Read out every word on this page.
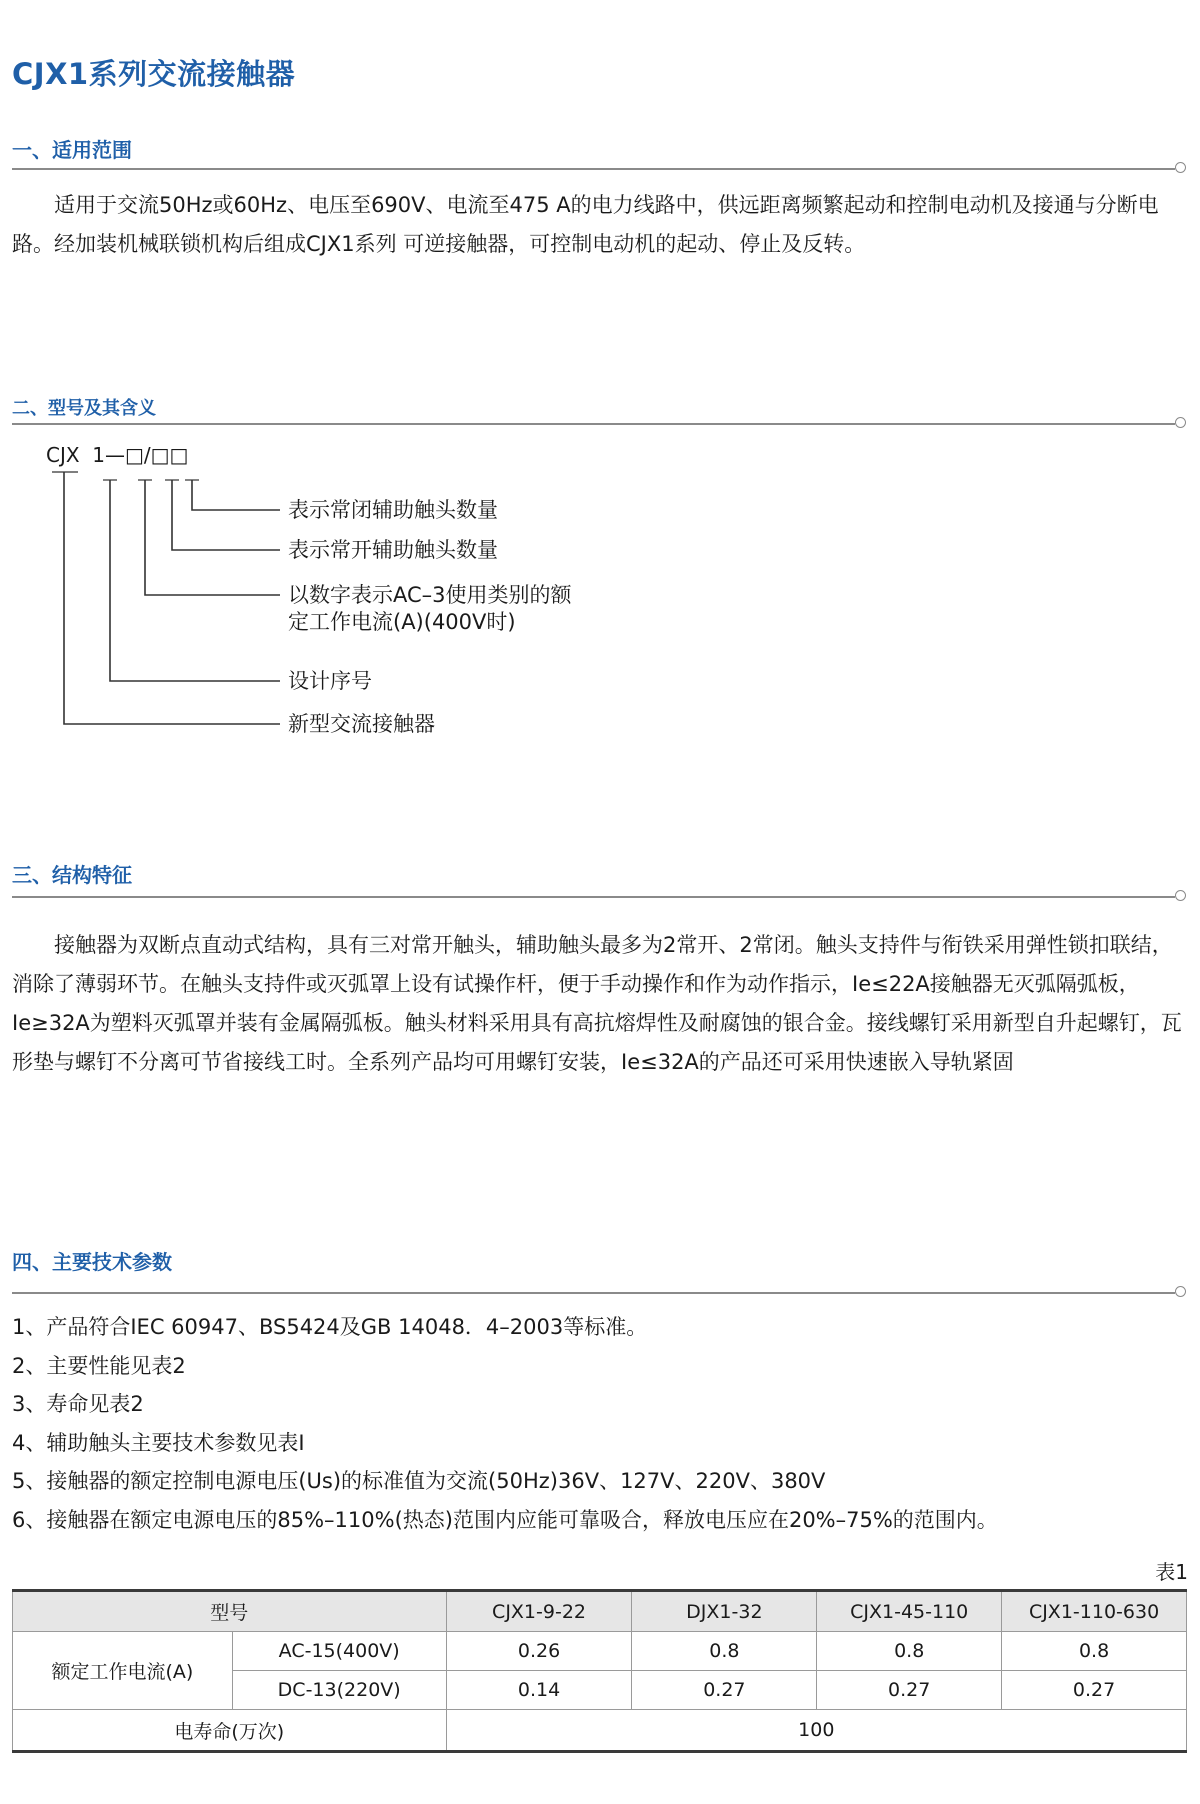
CJX1系列交流接触器
一、适用范围

适用于交流50Hz或60Hz、电压至690V、电流至475 A的电力线路中，供远距离频繁起动和控制电动机及接通与分断电路。经加装机械联锁机构后组成CJX1系列 可逆接触器，可控制电动机的起动、停止及反转。

二、型号及其含义
CJX 1—□/□□
表示常闭辅助触头数量
表示常开辅助触头数量
以数字表示AC–3使用类别的额
定工作电流(A)(400V时)
设计序号
新型交流接触器
三、结构特征

接触器为双断点直动式结构，具有三对常开触头，辅助触头最多为2常开、2常闭。触头支持件与衔铁采用弹性锁扣联结，消除了薄弱环节。在触头支持件或灭弧罩上设有试操作杆，便于手动操作和作为动作指示，Ie≤22A接触器无灭弧隔弧板，Ie≥32A为塑料灭弧罩并装有金属隔弧板。触头材料采用具有高抗熔焊性及耐腐蚀的银合金。接线螺钉采用新型自升起螺钉，瓦形垫与螺钉不分离可节省接线工时。全系列产品均可用螺钉安装，Ie≤32A的产品还可采用快速嵌入导轨紧固

四、主要技术参数
1、产品符合IEC 60947、BS5424及GB 14048．4–2003等标准。
2、主要性能见表2
3、寿命见表2
4、辅助触头主要技术参数见表I
5、接触器的额定控制电源电压(Us)的标准值为交流(50Hz)36V、127V、220V、380V
6、接触器在额定电源电压的85%–110%(热态)范围内应能可靠吸合，释放电压应在20%–75%的范围内。
表1
型号		CJX1-9-22	DJX1-32	CJX1-45-110	CJX1-110-630
额定工作电流(A)	AC-15(400V)	0.26	0.8	0.8	0.8
	DC-13(220V)	0.14	0.27	0.27	0.27
电寿命(万次)		100			
